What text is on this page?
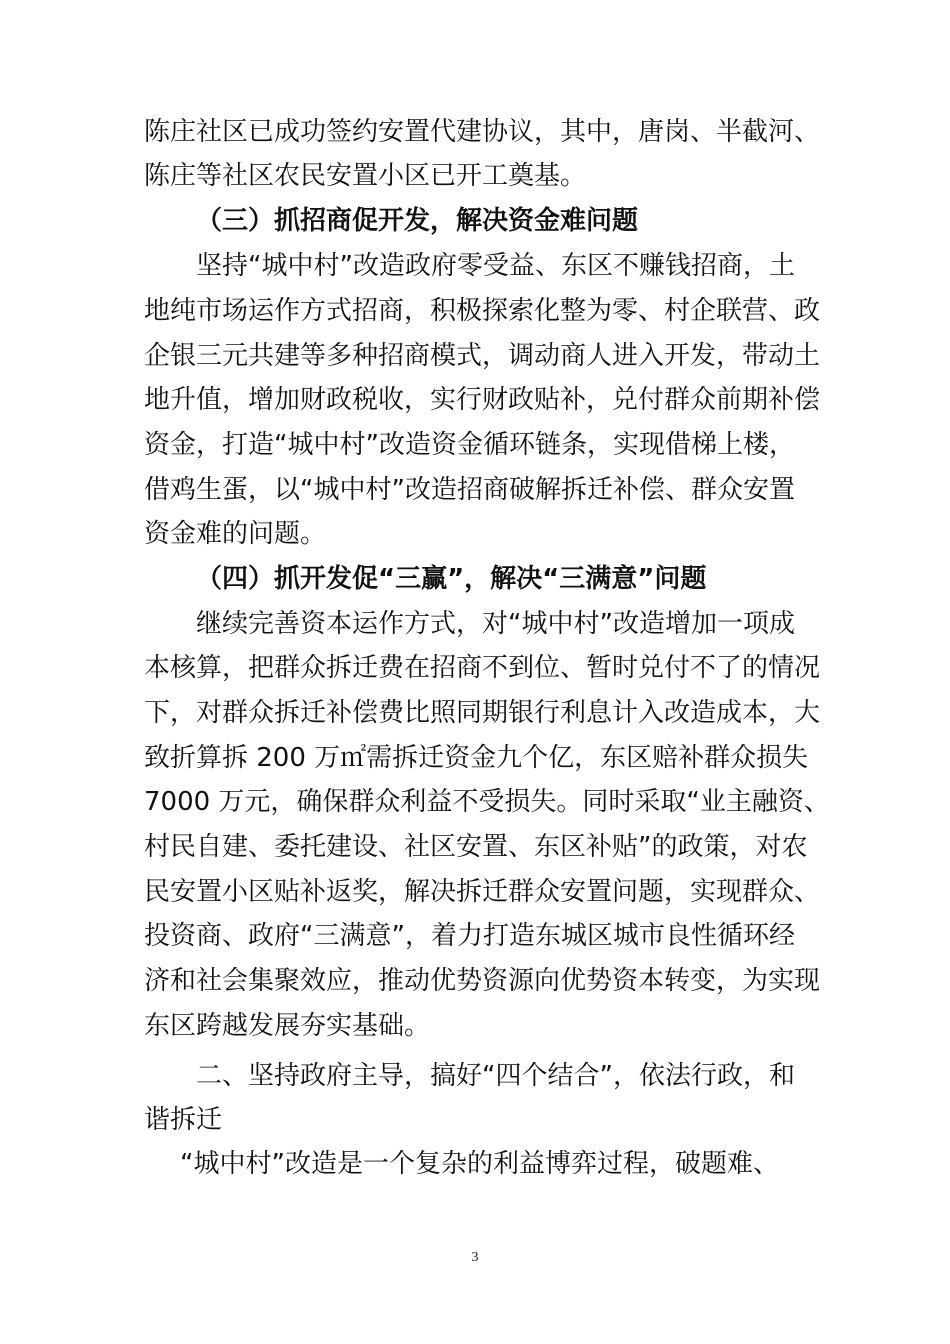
陈庄社区已成功签约安置代建协议，其中，唐岗、半截河、
陈庄等社区农民安置小区已开工奠基。
（三）抓招商促开发，解决资金难问题
坚持“城中村”改造政府零受益、东区不赚钱招商，土
地纯市场运作方式招商，积极探索化整为零、村企联营、政
企银三元共建等多种招商模式，调动商人进入开发，带动土
地升值，增加财政税收，实行财政贴补，兑付群众前期补偿
资金，打造“城中村”改造资金循环链条，实现借梯上楼，
借鸡生蛋，以“城中村”改造招商破解拆迁补偿、群众安置
资金难的问题。
（四）抓开发促“三赢”，解决“三满意”问题
继续完善资本运作方式，对“城中村”改造增加一项成
本核算，把群众拆迁费在招商不到位、暂时兑付不了的情况
下，对群众拆迁补偿费比照同期银行利息计入改造成本，大
致折算拆 200 万㎡需拆迁资金九个亿，东区赔补群众损失
7000 万元，确保群众利益不受损失。同时采取“业主融资、
村民自建、委托建设、社区安置、东区补贴”的政策，对农
民安置小区贴补返奖，解决拆迁群众安置问题，实现群众、
投资商、政府“三满意”，着力打造东城区城市良性循环经
济和社会集聚效应，推动优势资源向优势资本转变，为实现
东区跨越发展夯实基础。
二、坚持政府主导，搞好“四个结合”，依法行政，和
谐拆迁
“城中村”改造是一个复杂的利益博弈过程，破题难、
3
